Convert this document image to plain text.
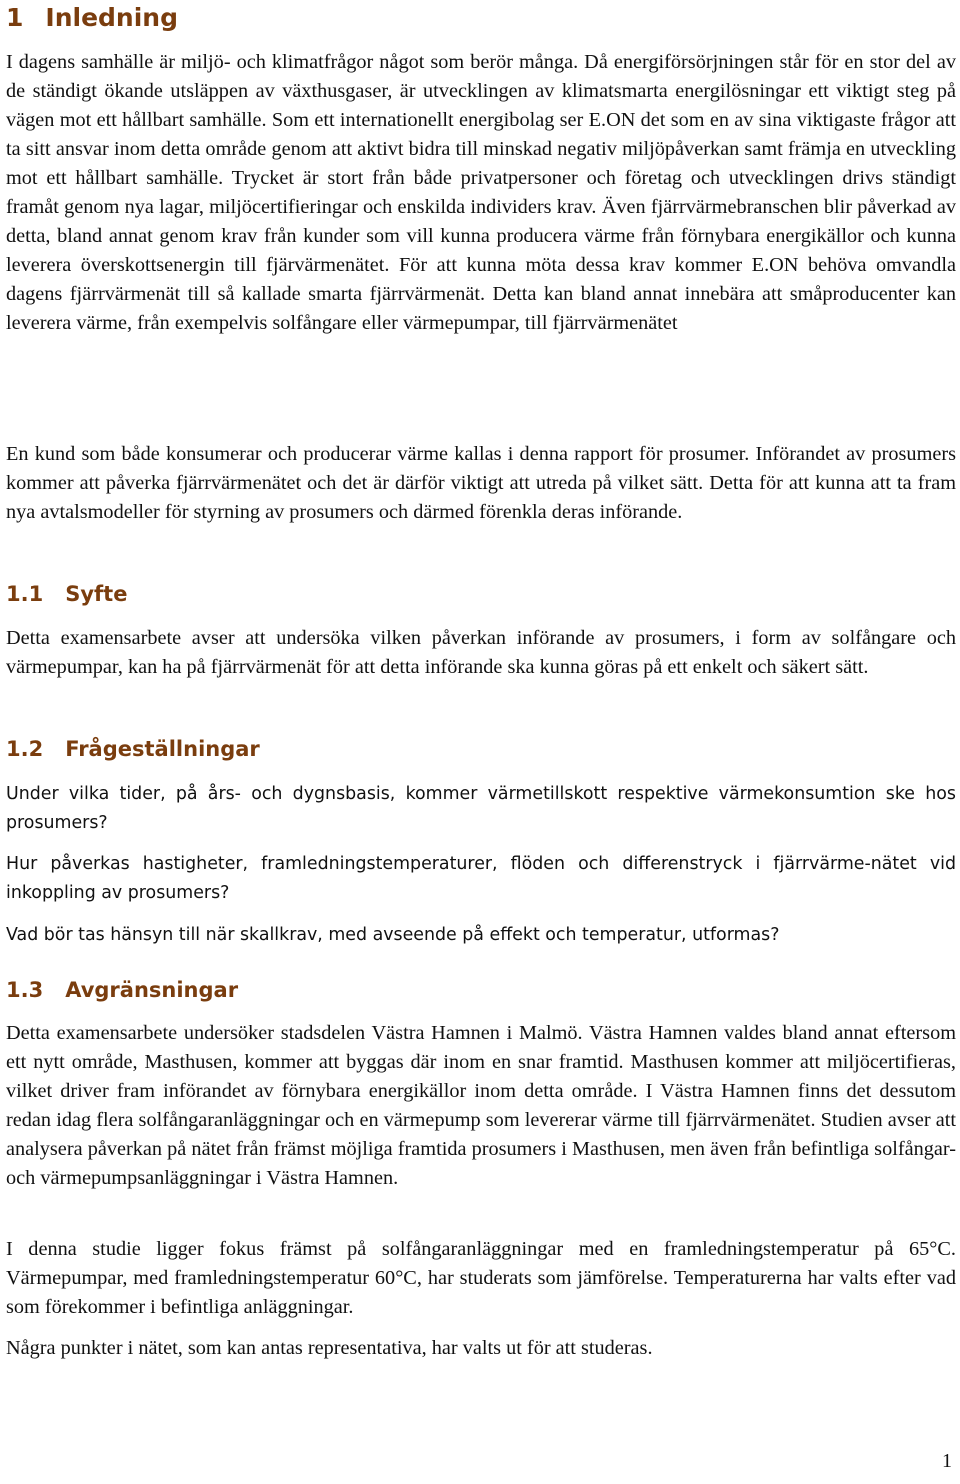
1 Inledning

I dagens samhälle är miljö- och klimatfrågor något som berör många. Då energiförsörjningen står för en stor del av de ständigt ökande utsläppen av växthusgaser, är utvecklingen av klimatsmarta energilösningar ett viktigt steg på vägen mot ett hållbart samhälle. Som ett internationellt energibolag ser E.ON det som en av sina viktigaste frågor att ta sitt ansvar inom detta område genom att aktivt bidra till minskad negativ miljöpåverkan samt främja en utveckling mot ett hållbart samhälle. Trycket är stort från både privatpersoner och företag och utvecklingen drivs ständigt framåt genom nya lagar, miljöcertifieringar och enskilda individers krav. Även fjärrvärmebranschen blir påverkad av detta, bland annat genom krav från kunder som vill kunna producera värme från förnybara energikällor och kunna leverera överskottsenergin till fjärvärmenätet. För att kunna möta dessa krav kommer E.ON behöva omvandla dagens fjärrvärmenät till så kallade smarta fjärrvärmenät. Detta kan bland annat innebära att småproducenter kan leverera värme, från exempelvis solfångare eller värmepumpar, till fjärrvärmenätet

En kund som både konsumerar och producerar värme kallas i denna rapport för prosumer. Införandet av prosumers kommer att påverka fjärrvärmenätet och det är därför viktigt att utreda på vilket sätt. Detta för att kunna att ta fram nya avtalsmodeller för styrning av prosumers och därmed förenkla deras införande.

1.1 Syfte

Detta examensarbete avser att undersöka vilken påverkan införande av prosumers, i form av solfångare och värmepumpar, kan ha på fjärrvärmenät för att detta införande ska kunna göras på ett enkelt och säkert sätt.

1.2 Frågeställningar

Under vilka tider, på års- och dygnsbasis, kommer värmetillskott respektive värmekonsumtion ske hos prosumers?

Hur påverkas hastigheter, framledningstemperaturer, flöden och differenstryck i fjärrvärme-nätet vid inkoppling av prosumers?

Vad bör tas hänsyn till när skallkrav, med avseende på effekt och temperatur, utformas?

1.3 Avgränsningar

Detta examensarbete undersöker stadsdelen Västra Hamnen i Malmö. Västra Hamnen valdes bland annat eftersom ett nytt område, Masthusen, kommer att byggas där inom en snar framtid. Masthusen kommer att miljöcertifieras, vilket driver fram införandet av förnybara energikällor inom detta område. I Västra Hamnen finns det dessutom redan idag flera solfångaranläggningar och en värmepump som levererar värme till fjärrvärmenätet. Studien avser att analysera påverkan på nätet från främst möjliga framtida prosumers i Masthusen, men även från befintliga solfångar- och värmepumpsanläggningar i Västra Hamnen.

I denna studie ligger fokus främst på solfångaranläggningar med en framledningstemperatur på 65°C. Värmepumpar, med framledningstemperatur 60°C, har studerats som jämförelse. Temperaturerna har valts efter vad som förekommer i befintliga anläggningar.

Några punkter i nätet, som kan antas representativa, har valts ut för att studeras.

1
